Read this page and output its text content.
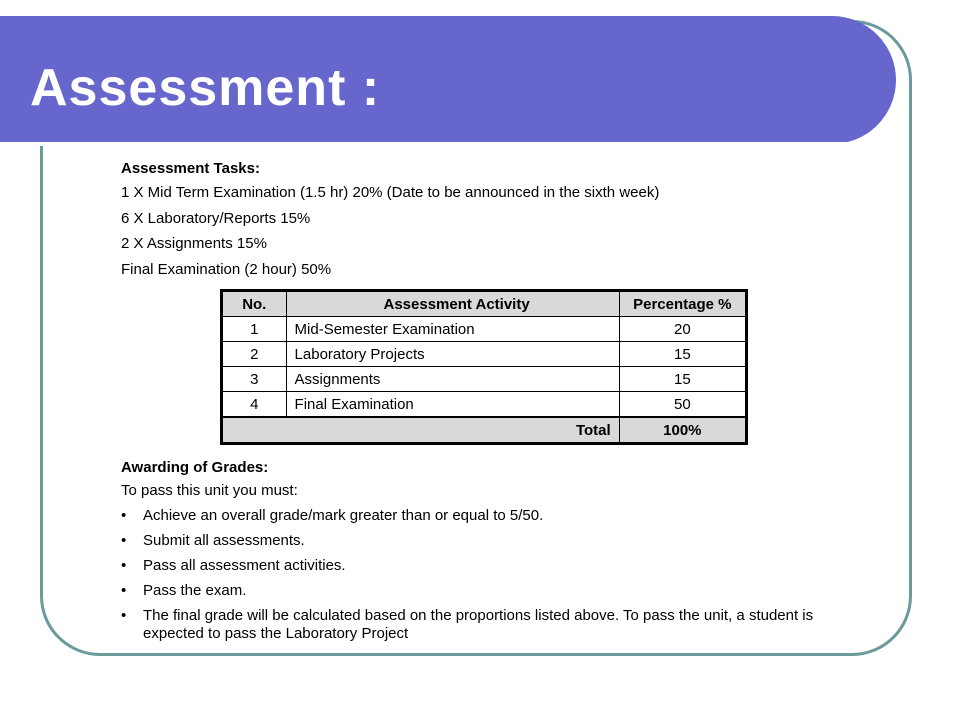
Assessment :
Assessment Tasks:
1 X Mid Term Examination (1.5 hr) 20% (Date to be announced in the sixth week)
6 X Laboratory/Reports 15%
2 X Assignments 15%
Final Examination (2 hour) 50%
No.	Assessment Activity	Percentage %
1	Mid-Semester Examination	20
2	Laboratory Projects	15
3	Assignments	15
4	Final Examination	50
Total		100%
Awarding of Grades:
To pass this unit you must:
• Achieve an overall grade/mark greater than or equal to 5/50.
• Submit all assessments.
• Pass all assessment activities.
• Pass the exam.
• The final grade will be calculated based on the proportions listed above. To pass the unit, a student is expected to pass the Laboratory Project
